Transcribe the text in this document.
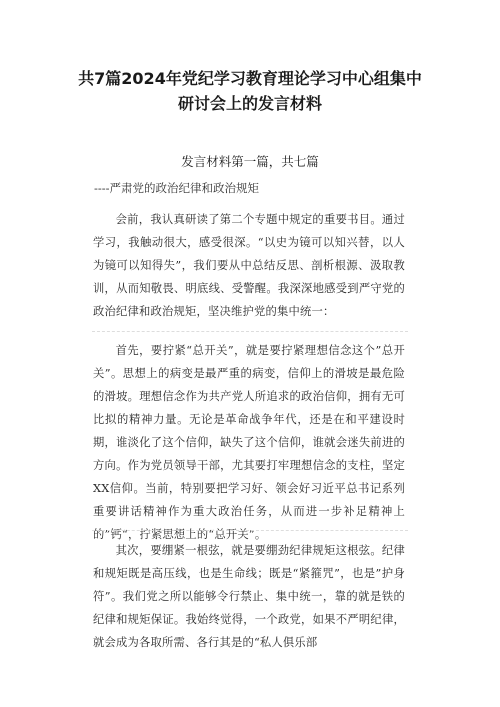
共7篇2024年党纪学习教育理论学习中心组集中
研讨会上的发言材料
发言材料第一篇，共七篇
----严肃党的政治纪律和政治规矩

会前，我认真研读了第二个专题中规定的重要书目。通过学习，我触动很大，感受很深。“以史为镜可以知兴替，以人为镜可以知得失”，我们要从中总结反思、剖析根源、汲取教训，从而知敬畏、明底线、受警醒。我深深地感受到严守党的政治纪律和政治规矩，坚决维护党的集中统一：

首先，要拧紧“总开关”，就是要拧紧理想信念这个”总开关”。思想上的病变是最严重的病变，信仰上的滑坡是最危险的滑坡。理想信念作为共产党人所追求的政治信仰，拥有无可比拟的精神力量。无论是革命战争年代，还是在和平建设时期，谁淡化了这个信仰，缺失了这个信仰，谁就会迷失前进的方向。作为党员领导干部，尤其要打牢理想信念的支柱，坚定XX信仰。当前，特别要把学习好、领会好习近平总书记系列重要讲话精神作为重大政治任务，从而进一步补足精神上的”钙“，拧紧思想上的“总开关”。

其次，要绷紧一根弦，就是要绷劲纪律规矩这根弦。纪律和规矩既是高压线，也是生命线；既是“紧箍咒”，也是”护身符”。我们党之所以能够令行禁止、集中统一，靠的就是铁的纪律和规矩保证。我始终觉得，一个政党，如果不严明纪律，就会成为各取所需、各行其是的“私人俱乐部
